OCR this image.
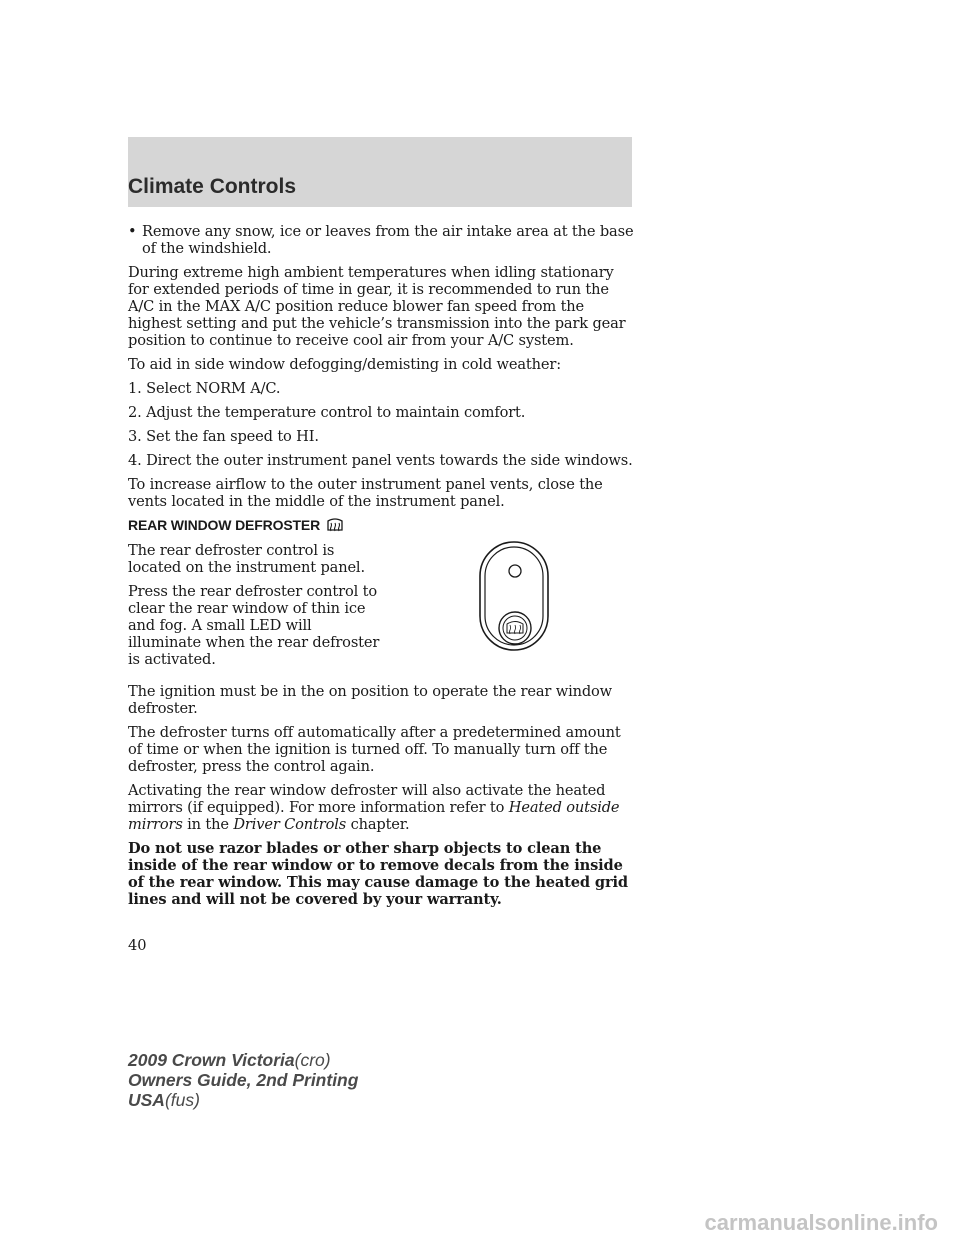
Climate Controls
• Remove any snow, ice or leaves from the air intake area at the base of the windshield.

During extreme high ambient temperatures when idling stationary for extended periods of time in gear, it is recommended to run the A/C in the MAX A/C position reduce blower fan speed from the highest setting and put the vehicle’s transmission into the park gear position to continue to receive cool air from your A/C system.

To aid in side window defogging/demisting in cold weather:

1. Select NORM A/C.

2. Adjust the temperature control to maintain comfort.

3. Set the fan speed to HI.

4. Direct the outer instrument panel vents towards the side windows.

To increase airflow to the outer instrument panel vents, close the vents located in the middle of the instrument panel.

REAR WINDOW DEFROSTER

The rear defroster control is located on the instrument panel.

Press the rear defroster control to clear the rear window of thin ice and fog. A small LED will illuminate when the rear defroster is activated.

The ignition must be in the on position to operate the rear window defroster.

The defroster turns off automatically after a predetermined amount of time or when the ignition is turned off. To manually turn off the defroster, press the control again.

Activating the rear window defroster will also activate the heated mirrors (if equipped). For more information refer to Heated outside mirrors in the Driver Controls chapter.

Do not use razor blades or other sharp objects to clean the inside of the rear window or to remove decals from the inside of the rear window. This may cause damage to the heated grid lines and will not be covered by your warranty.

40
2009 Crown Victoria(cro)
Owners Guide, 2nd Printing
USA(fus)
carmanualsonline.info
